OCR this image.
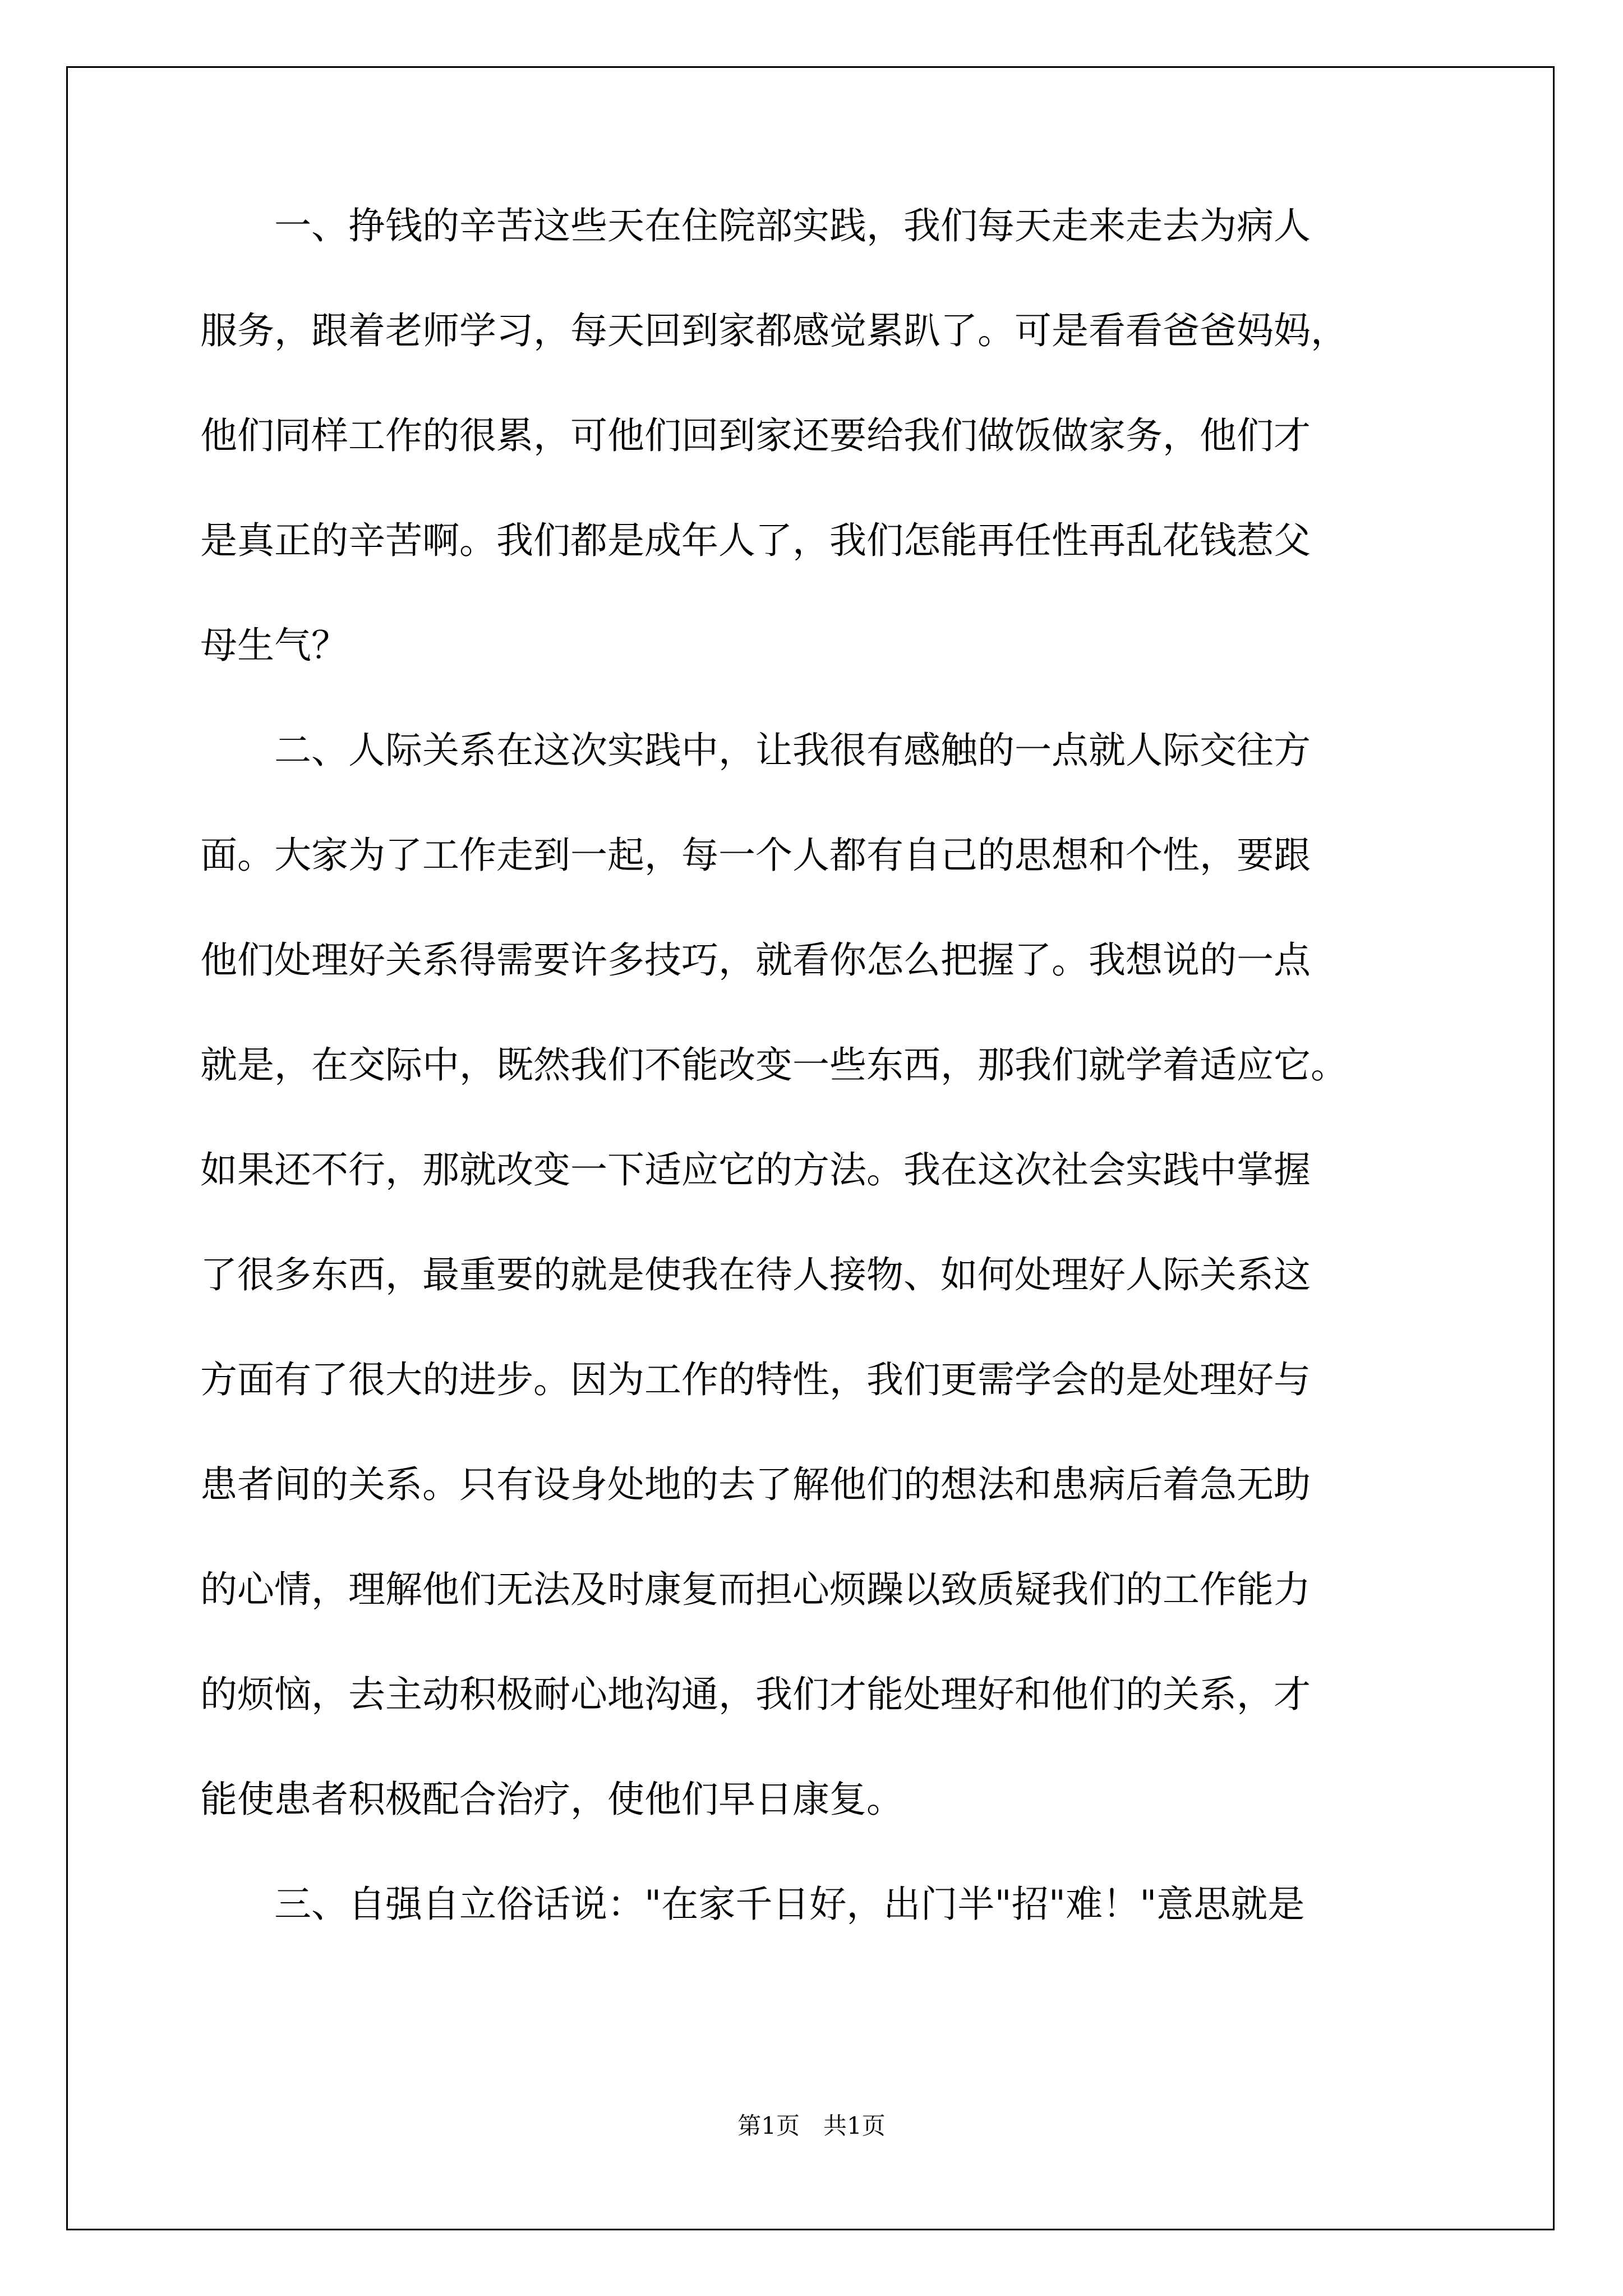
　　一、挣钱的辛苦这些天在住院部实践，我们每天走来走去为病人
服务，跟着老师学习，每天回到家都感觉累趴了。可是看看爸爸妈妈，
他们同样工作的很累，可他们回到家还要给我们做饭做家务，他们才
是真正的辛苦啊。我们都是成年人了，我们怎能再任性再乱花钱惹父
母生气？
　　二、人际关系在这次实践中，让我很有感触的一点就人际交往方
面。大家为了工作走到一起，每一个人都有自己的思想和个性，要跟
他们处理好关系得需要许多技巧，就看你怎么把握了。我想说的一点
就是，在交际中，既然我们不能改变一些东西，那我们就学着适应它。
如果还不行，那就改变一下适应它的方法。我在这次社会实践中掌握
了很多东西，最重要的就是使我在待人接物、如何处理好人际关系这
方面有了很大的进步。因为工作的特性，我们更需学会的是处理好与
患者间的关系。只有设身处地的去了解他们的想法和患病后着急无助
的心情，理解他们无法及时康复而担心烦躁以致质疑我们的工作能力
的烦恼，去主动积极耐心地沟通，我们才能处理好和他们的关系，才
能使患者积极配合治疗，使他们早日康复。
　　三、自强自立俗话说："在家千日好，出门半"招"难！"意思就是
第1页　共1页
